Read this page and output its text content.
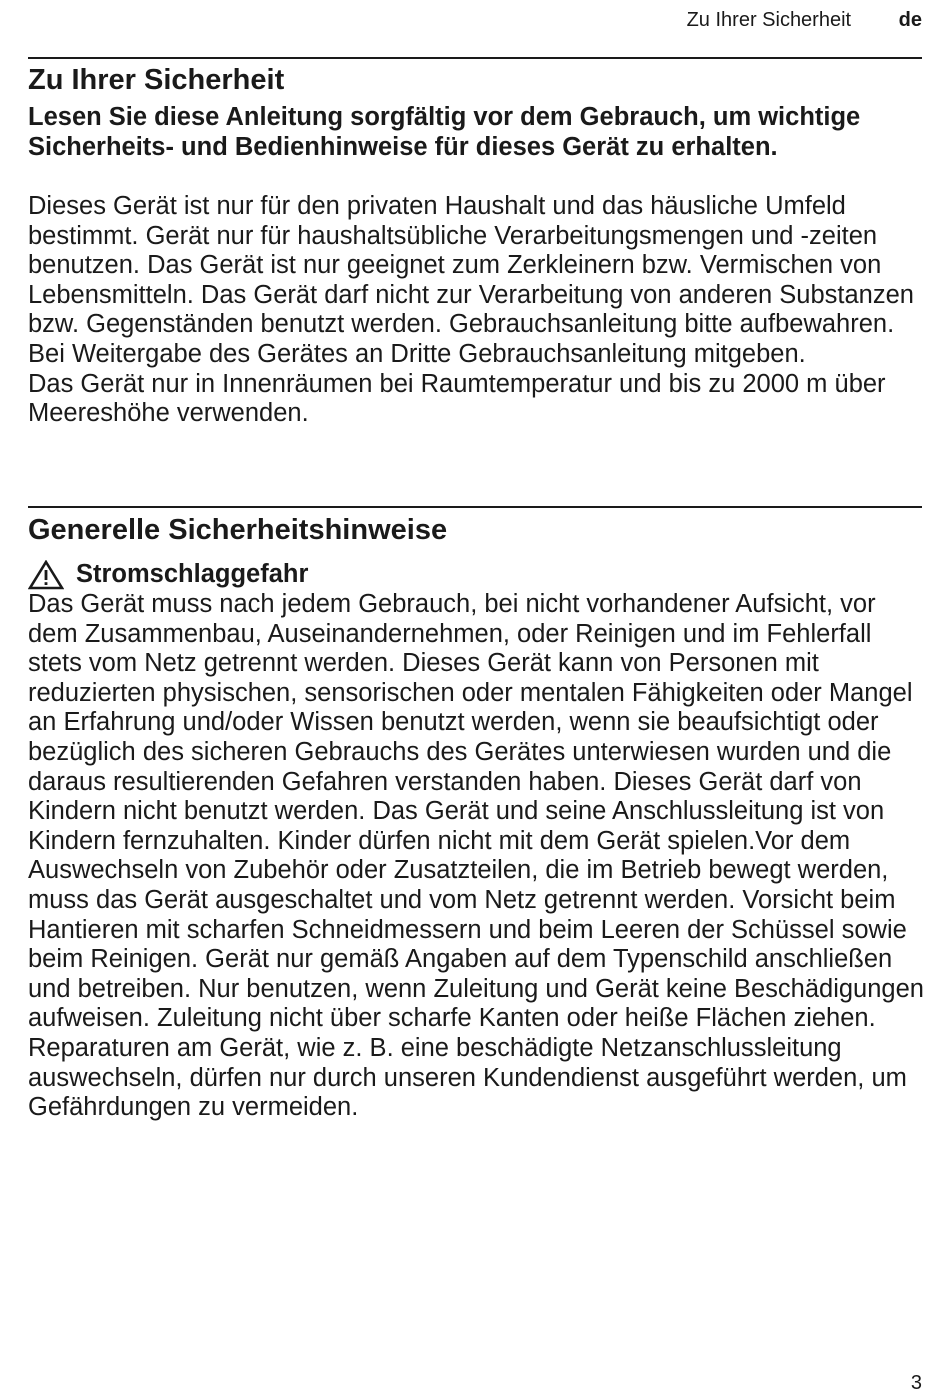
Zu Ihrer Sicherheit de
Zu Ihrer Sicherheit
Lesen Sie diese Anleitung sorgfältig vor dem Gebrauch, um wichtige Sicherheits- und Bedienhinweise für dieses Gerät zu erhalten.

Dieses Gerät ist nur für den privaten Haushalt und das häusliche Umfeld bestimmt. Gerät nur für haushaltsübliche Verarbeitungsmengen und -zeiten benutzen. Das Gerät ist nur geeignet zum Zerkleinern bzw. Vermischen von Lebensmitteln. Das Gerät darf nicht zur Verarbeitung von anderen Substanzen bzw. Gegenständen benutzt werden. Gebrauchsanleitung bitte aufbewahren. Bei Weitergabe des Gerätes an Dritte Gebrauchsanleitung mitgeben.

Das Gerät nur in Innenräumen bei Raumtemperatur und bis zu 2000 m über Meereshöhe verwenden.

Generelle Sicherheitshinweise
Stromschlaggefahr
Das Gerät muss nach jedem Gebrauch, bei nicht vorhandener Aufsicht, vor dem Zusammenbau, Auseinandernehmen, oder Reinigen und im Fehlerfall stets vom Netz getrennt werden. Dieses Gerät kann von Personen mit reduzierten physischen, sensorischen oder mentalen Fähigkeiten oder Mangel an Erfahrung und/oder Wissen benutzt werden, wenn sie beaufsichtigt oder bezüglich des sicheren Gebrauchs des Gerätes unterwiesen wurden und die daraus resultierenden Gefahren verstanden haben. Dieses Gerät darf von Kindern nicht benutzt werden. Das Gerät und seine Anschlussleitung ist von Kindern fernzuhalten. Kinder dürfen nicht mit dem Gerät spielen.Vor dem Auswechseln von Zubehör oder Zusatzteilen, die im Betrieb bewegt werden, muss das Gerät ausgeschaltet und vom Netz getrennt werden. Vorsicht beim Hantieren mit scharfen Schneidmessern und beim Leeren der Schüssel sowie beim Reinigen. Gerät nur gemäß Angaben auf dem Typenschild anschließen und betreiben. Nur benutzen, wenn Zuleitung und Gerät keine Beschädigungen aufweisen. Zuleitung nicht über scharfe Kanten oder heiße Flächen ziehen. Reparaturen am Gerät, wie z. B. eine beschädigte Netzanschlussleitung auswechseln, dürfen nur durch unseren Kundendienst ausgeführt werden, um Gefährdungen zu vermeiden.
3
